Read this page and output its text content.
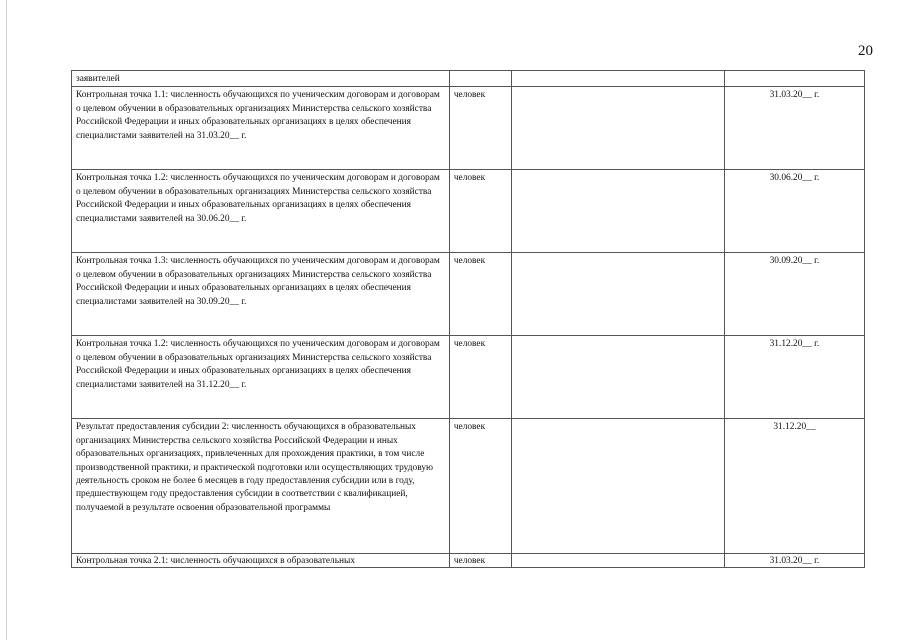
20
заявителей			
Контрольная точка 1.1: численность обучающихся по ученическим договорам и договорам о целевом обучении в образовательных организациях Министерства сельского хозяйства Российской Федерации и иных образовательных организациях в целях обеспечения специалистами заявителей на 31.03.20__ г.	человек		31.03.20__ г.
Контрольная точка 1.2: численность обучающихся по ученическим договорам и договорам о целевом обучении в образовательных организациях Министерства сельского хозяйства Российской Федерации и иных образовательных организациях в целях обеспечения специалистами заявителей на 30.06.20__ г.	человек		30.06.20__ г.
Контрольная точка 1.3: численность обучающихся по ученическим договорам и договорам о целевом обучении в образовательных организациях Министерства сельского хозяйства Российской Федерации и иных образовательных организациях в целях обеспечения специалистами заявителей на 30.09.20__ г.	человек		30.09.20__ г.
Контрольная точка 1.2: численность обучающихся по ученическим договорам и договорам о целевом обучении в образовательных организациях Министерства сельского хозяйства Российской Федерации и иных образовательных организациях в целях обеспечения специалистами заявителей на 31.12.20__ г.	человек		31.12.20__ г.
Результат предоставления субсидии 2: численность обучающихся в образовательных организациях Министерства сельского хозяйства Российской Федерации и иных образовательных организациях, привлеченных для прохождения практики, в том числе производственной практики, и практической подготовки или осуществляющих трудовую деятельность сроком не более 6 месяцев в году предоставления субсидии или в году, предшествующем году предоставления субсидии в соответствии с квалификацией, получаемой в результате освоения образовательной программы	человек		31.12.20__
Контрольная точка 2.1: численность обучающихся в образовательных	человек		31.03.20__ г.
